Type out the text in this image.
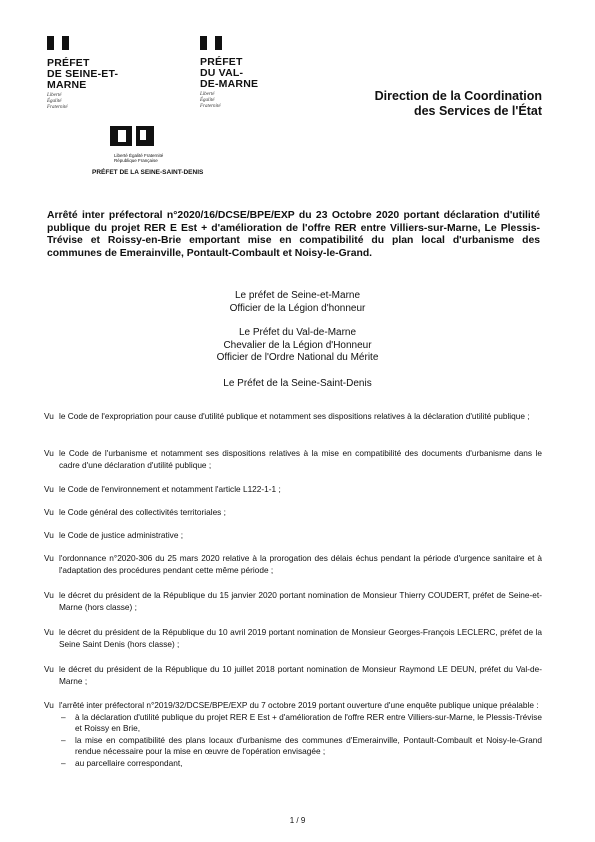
PRÉFET
DE SEINE-ET-MARNE
Liberté
Égalité
Fraternité
PRÉFET
DU VAL-
DE-MARNE
Liberté
Égalité
Fraternité
Direction de la Coordination
des Services de l'État
Liberté Égalité Fraternité
République Française
PRÉFET DE LA SEINE-SAINT-DENIS
Arrêté inter préfectoral n°2020/16/DCSE/BPE/EXP du 23 Octobre 2020 portant déclaration d'utilité publique du projet RER E Est + d'amélioration de l'offre RER entre Villiers-sur-Marne, Le Plessis-Trévise et Roissy-en-Brie emportant mise en compatibilité du plan local d'urbanisme des communes de Emerainville, Pontault-Combault et Noisy-le-Grand.
Le préfet de Seine-et-Marne
Officier de la Légion d'honneur
Le Préfet du Val-de-Marne
Chevalier de la Légion d'Honneur
Officier de l'Ordre National du Mérite
Le Préfet de la Seine-Saint-Denis
Vu le Code de l'expropriation pour cause d'utilité publique et notamment ses dispositions relatives à la déclaration d'utilité publique ;
Vu le Code de l'urbanisme et notamment ses dispositions relatives à la mise en compatibilité des documents d'urbanisme dans le cadre d'une déclaration d'utilité publique ;
Vu le Code de l'environnement et notamment l'article L122-1-1 ;
Vu le Code général des collectivités territoriales ;
Vu le Code de justice administrative ;
Vu l'ordonnance n°2020-306 du 25 mars 2020 relative à la prorogation des délais échus pendant la période d'urgence sanitaire et à l'adaptation des procédures pendant cette même période ;
Vu le décret du président de la République du 15 janvier 2020 portant nomination de Monsieur Thierry COUDERT, préfet de Seine-et-Marne (hors classe) ;
Vu le décret du président de la République du 10 avril 2019 portant nomination de Monsieur Georges-François LECLERC, préfet de la Seine Saint Denis (hors classe) ;
Vu le décret du président de la République du 10 juillet 2018 portant nomination de Monsieur Raymond LE DEUN, préfet du Val-de-Marne ;
Vu l'arrêté inter préfectoral n°2019/32/DCSE/BPE/EXP du 7 octobre 2019 portant ouverture d'une enquête publique unique préalable :
– à la déclaration d'utilité publique du projet RER E Est + d'amélioration de l'offre RER entre Villiers-sur-Marne, le Plessis-Trévise et Roissy en Brie,
– la mise en compatibilité des plans locaux d'urbanisme des communes d'Emerainville, Pontault-Combault et Noisy-le-Grand rendue nécessaire pour la mise en œuvre de l'opération envisagée ;
– au parcellaire correspondant,
1 / 9
